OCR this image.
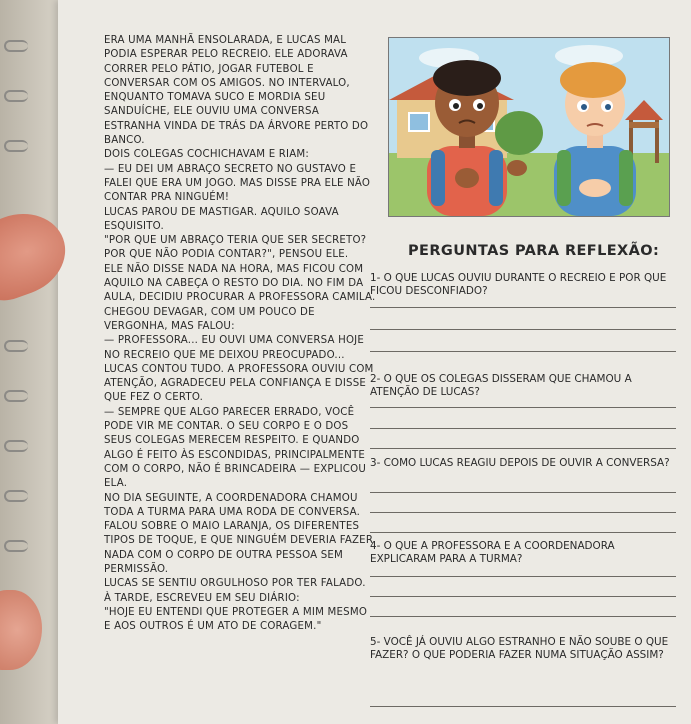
ERA UMA MANHÃ ENSOLARADA, E LUCAS MAL PODIA ESPERAR PELO RECREIO. ELE ADORAVA CORRER PELO PÁTIO, JOGAR FUTEBOL E CONVERSAR COM OS AMIGOS. NO INTERVALO, ENQUANTO TOMAVA SUCO E MORDIA SEU SANDUÍCHE, ELE OUVIU UMA CONVERSA ESTRANHA VINDA DE TRÁS DA ÁRVORE PERTO DO BANCO.

DOIS COLEGAS COCHICHAVAM E RIAM:

— EU DEI UM ABRAÇO SECRETO NO GUSTAVO E FALEI QUE ERA UM JOGO. MAS DISSE PRA ELE NÃO CONTAR PRA NINGUÉM!

LUCAS PAROU DE MASTIGAR. AQUILO SOAVA ESQUISITO.

"POR QUE UM ABRAÇO TERIA QUE SER SECRETO? POR QUE NÃO PODIA CONTAR?", PENSOU ELE.

ELE NÃO DISSE NADA NA HORA, MAS FICOU COM AQUILO NA CABEÇA O RESTO DO DIA. NO FIM DA AULA, DECIDIU PROCURAR A PROFESSORA CAMILA. CHEGOU DEVAGAR, COM UM POUCO DE VERGONHA, MAS FALOU:

— PROFESSORA... EU OUVI UMA CONVERSA HOJE NO RECREIO QUE ME DEIXOU PREOCUPADO...

LUCAS CONTOU TUDO. A PROFESSORA OUVIU COM ATENÇÃO, AGRADECEU PELA CONFIANÇA E DISSE QUE FEZ O CERTO.

— SEMPRE QUE ALGO PARECER ERRADO, VOCÊ PODE VIR ME CONTAR. O SEU CORPO E O DOS SEUS COLEGAS MERECEM RESPEITO. E QUANDO ALGO É FEITO ÀS ESCONDIDAS, PRINCIPALMENTE COM O CORPO, NÃO É BRINCADEIRA — EXPLICOU ELA.

NO DIA SEGUINTE, A COORDENADORA CHAMOU TODA A TURMA PARA UMA RODA DE CONVERSA. FALOU SOBRE O MAIO LARANJA, OS DIFERENTES TIPOS DE TOQUE, E QUE NINGUÉM DEVERIA FAZER NADA COM O CORPO DE OUTRA PESSOA SEM PERMISSÃO.

LUCAS SE SENTIU ORGULHOSO POR TER FALADO. À TARDE, ESCREVEU EM SEU DIÁRIO:

"HOJE EU ENTENDI QUE PROTEGER A MIM MESMO E AOS OUTROS É UM ATO DE CORAGEM."

PERGUNTAS PARA REFLEXÃO:
1- O QUE LUCAS OUVIU DURANTE O RECREIO E POR QUE FICOU DESCONFIADO?
2- O QUE OS COLEGAS DISSERAM QUE CHAMOU A ATENÇÃO DE LUCAS?
3- COMO LUCAS REAGIU DEPOIS DE OUVIR A CONVERSA?
4- O QUE A PROFESSORA E A COORDENADORA EXPLICARAM PARA A TURMA?
5- VOCÊ JÁ OUVIU ALGO ESTRANHO E NÃO SOUBE O QUE FAZER? O QUE PODERIA FAZER NUMA SITUAÇÃO ASSIM?
